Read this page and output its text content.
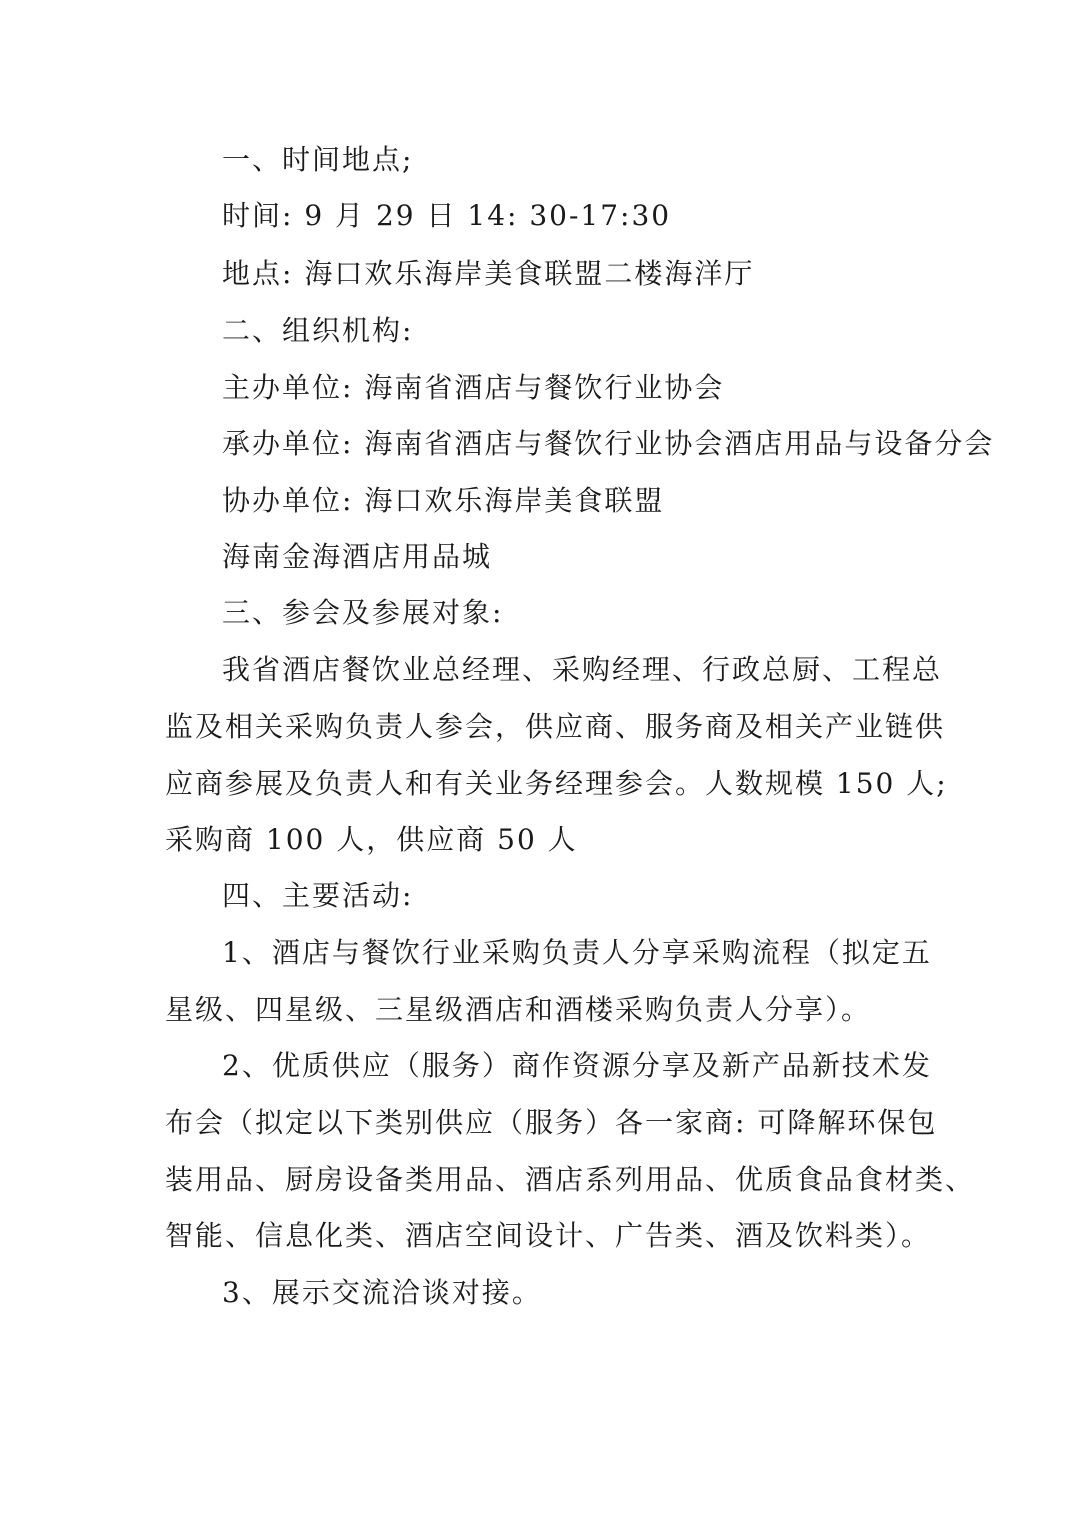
一、时间地点;
时间: 9 月 29 日 14: 30-17:30
地点: 海口欢乐海岸美食联盟二楼海洋厅
二、组织机构:
主办单位: 海南省酒店与餐饮行业协会
承办单位: 海南省酒店与餐饮行业协会酒店用品与设备分会
协办单位: 海口欢乐海岸美食联盟
海南金海酒店用品城
三、参会及参展对象:
我省酒店餐饮业总经理、采购经理、行政总厨、工程总
监及相关采购负责人参会，供应商、服务商及相关产业链供
应商参展及负责人和有关业务经理参会。人数规模 150 人;
采购商 100 人，供应商 50 人
四、主要活动:
1、酒店与餐饮行业采购负责人分享采购流程（拟定五
星级、四星级、三星级酒店和酒楼采购负责人分享）。
2、优质供应（服务）商作资源分享及新产品新技术发
布会（拟定以下类别供应（服务）各一家商: 可降解环保包
装用品、厨房设备类用品、酒店系列用品、优质食品食材类、
智能、信息化类、酒店空间设计、广告类、酒及饮料类）。
3、展示交流洽谈对接。
